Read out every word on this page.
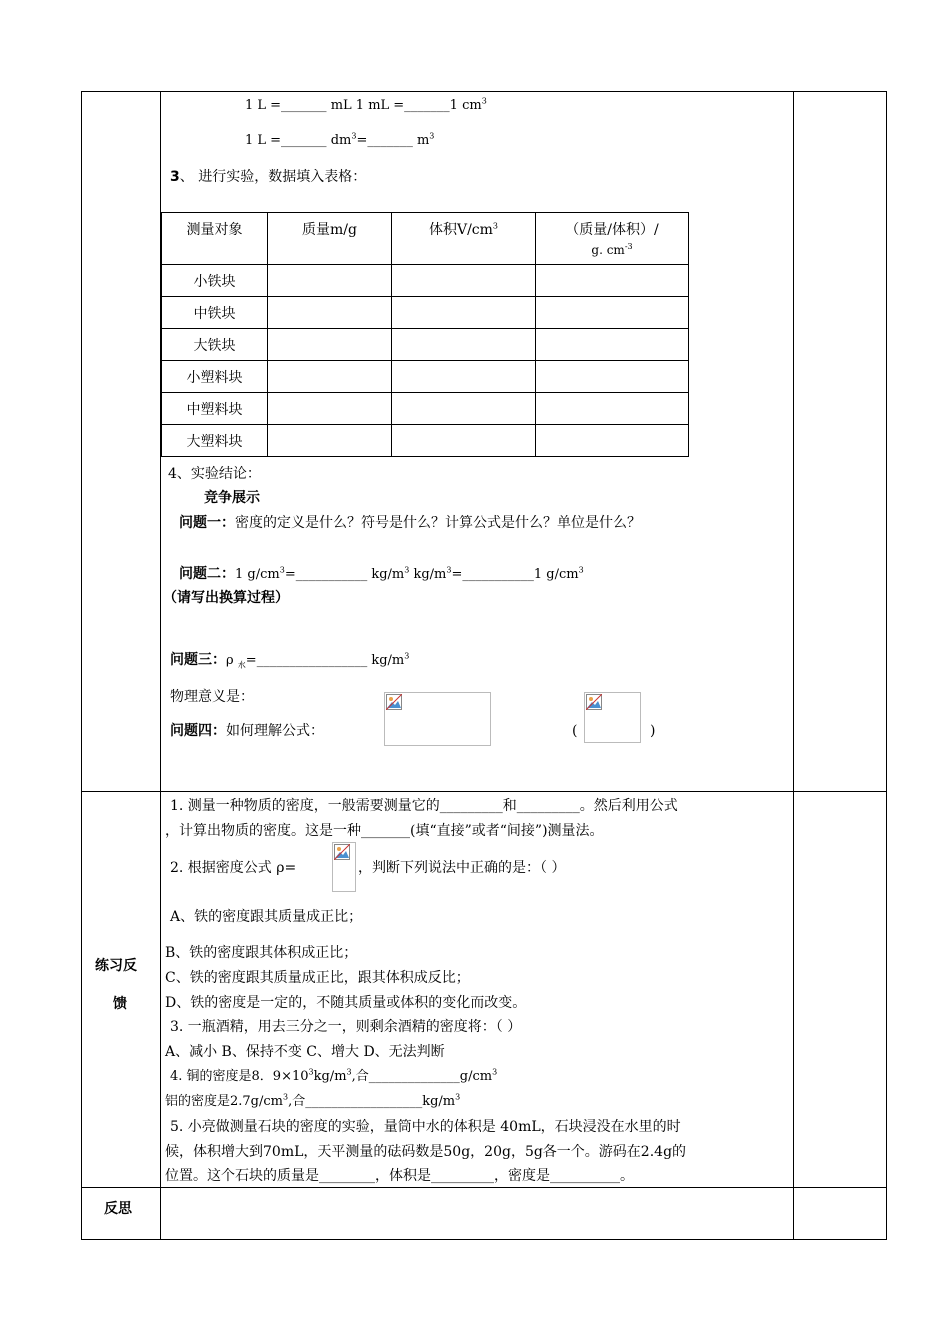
1 L =_______ mL 1 mL =_______1 $cm^3$
1 L =_______ $dm^3=\_\_\_\_\_\_\_$ $m^3$
3、 进行实验，数据填入表格：
测量对象	质量m/g	体积$V/cm^3$	（质量/体积）/
g. $cm^{-3}$

小铁块			
中铁块			
大铁块			
小塑料块			
中塑料块			
大塑料块			
4、实验结论：
竞争展示
问题一：密度的定义是什么？符号是什么？计算公式是什么？单位是什么？
问题二：1 $g/cm^3=\_\_\_\_\_\_\_\_\_\_\_$ $kg/m^3$ $kg/m^3=\_\_\_\_\_\_\_\_\_\_\_1$ $g/cm^3$
（请写出换算过程）
问题三：ρ $_水$=_________________ $kg/m^3$
物理意义是：
问题四：如何理解公式：	(	)
练习反
馈
1. 测量一种物质的密度，一般需要测量它的_________和_________。然后利用公式
，计算出物质的密度。这是一种_______(填“直接”或者“间接”)测量法。
2. 根据密度公式 ρ=	，判断下列说法中正确的是：（ ）
A、铁的密度跟其质量成正比；
B、铁的密度跟其体积成正比；
C、铁的密度跟其质量成正比，跟其体积成反比；
D、铁的密度是一定的，不随其质量或体积的变化而改变。
3. 一瓶酒精，用去三分之一，则剩余酒精的密度将：（ ）
A、减小 B、保持不变 C、增大 D、无法判断
4. 铜的密度是8．$9\times 10^3kg/m^3$,合$\_\_\_\_\_\_\_\_\_\_\_\_\_\_g/cm^3$
铝的密度是$2.7g/cm^3$,合$\_\_\_\_\_\_\_\_\_\_\_\_\_\_\_\_\_\_kg/m^3$
5. 小亮做测量石块的密度的实验，量筒中水的体积是 40mL，石块浸没在水里的时
候，体积增大到70mL，天平测量的砝码数是50g，20g，5g各一个。游码在2.4g的
位置。这个石块的质量是________，体积是_________，密度是__________。
反思
